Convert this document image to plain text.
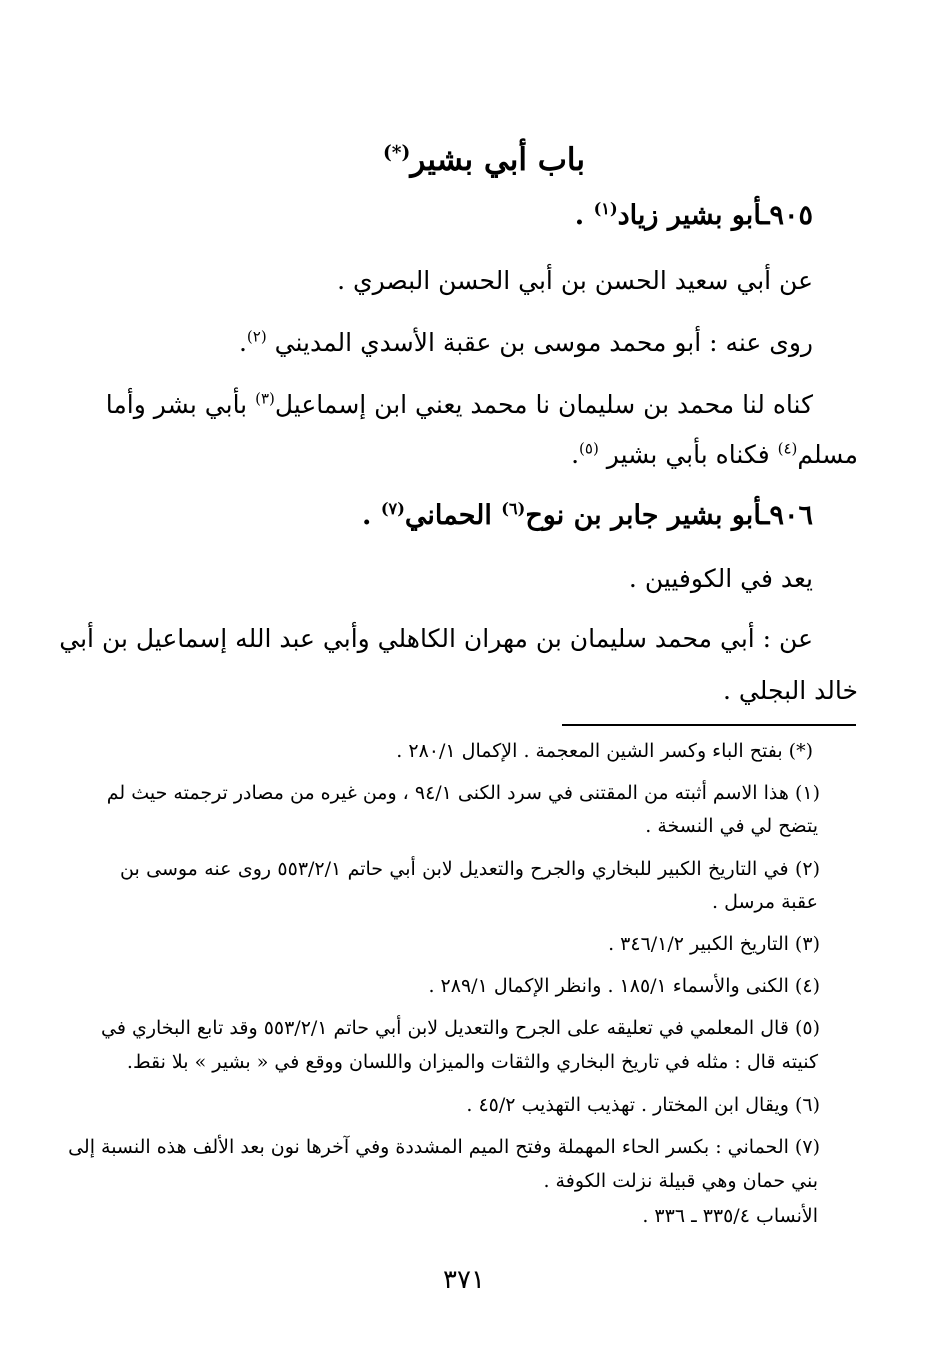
باب أبي بشير(*)
٩٠٥ـأبو بشير زياد$^{(١)}$ .
عن أبي سعيد الحسن بن أبي الحسن البصري .
روى عنه : أبو محمد موسى بن عقبة الأسدي المديني $^{(٢)}$.
كناه لنا محمد بن سليمان نا محمد يعني ابن إسماعيل$^{(٣)}$ بأبي بشر وأما
مسلم$^{(٤)}$ فكناه بأبي بشير $^{(٥)}$.
٩٠٦ـأبو بشير جابر بن نوح$^{(٦)}$ الحماني$^{(٧)}$ .
يعد في الكوفيين .
عن : أبي محمد سليمان بن مهران الكاهلي وأبي عبد الله إسماعيل بن أبي
خالد البجلي .
(*) بفتح الباء وكسر الشين المعجمة . الإكمال ٢٨٠/١ .
(١) هذا الاسم أثبته من المقتنى في سرد الكنى ٩٤/١ ، ومن غيره من مصادر ترجمته حيث لم
يتضح لي في النسخة .
(٢) في التاريخ الكبير للبخاري والجرح والتعديل لابن أبي حاتم ٥٥٣/٢/١ روى عنه موسى بن
عقبة مرسل .
(٣) التاريخ الكبير ٣٤٦/١/٢ .
(٤) الكنى والأسماء ١٨٥/١ . وانظر الإكمال ٢٨٩/١ .
(٥) قال المعلمي في تعليقه على الجرح والتعديل لابن أبي حاتم ٥٥٣/٢/١ وقد تابع البخاري في
كنيته قال : مثله في تاريخ البخاري والثقات والميزان واللسان ووقع في « بشير » بلا نقط.
(٦) ويقال ابن المختار . تهذيب التهذيب ٤٥/٢ .
(٧) الحماني : بكسر الحاء المهملة وفتح الميم المشددة وفي آخرها نون بعد الألف هذه النسبة إلى
بني حمان وهي قبيلة نزلت الكوفة .
الأنساب ٣٣٥/٤ ـ ٣٣٦ .
٣٧١
